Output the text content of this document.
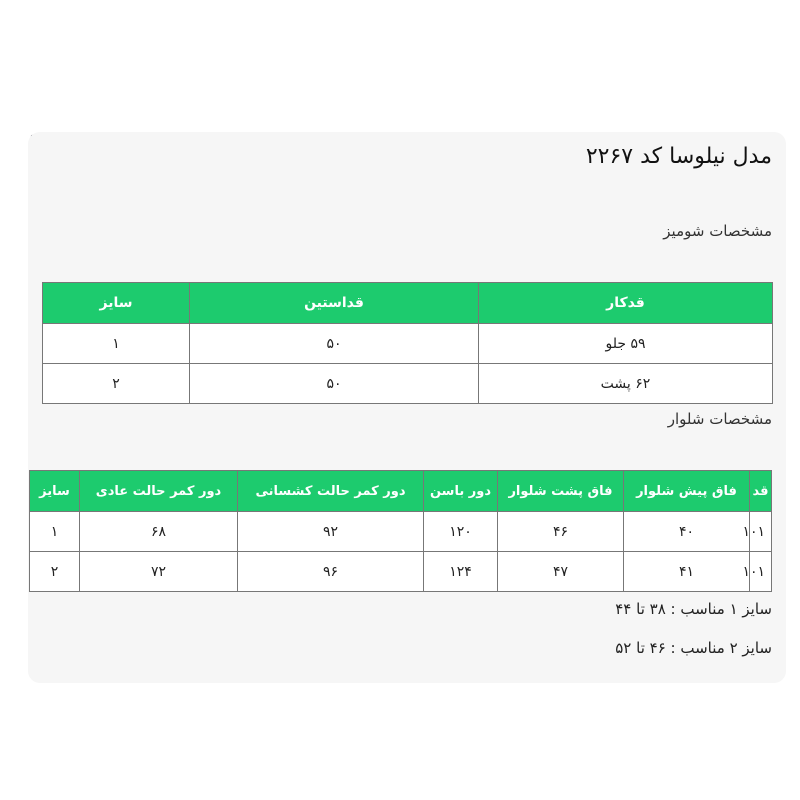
مدل نیلوسا کد ۲۲۶۷

مشخصات شومیز

قدکار	قداستین	سایز
۵۹ جلو	۵۰	۱
۶۲ پشت	۵۰	۲

مشخصات شلوار

قد	فاق پیش شلوار	فاق پشت شلوار	دور باسن	دور کمر حالت کشسانی	دور کمر حالت عادی	سایز
۱۰۱	۴۰	۴۶	۱۲۰	۹۲	۶۸	۱
۱۰۱	۴۱	۴۷	۱۲۴	۹۶	۷۲	۲

سایز ۱ مناسب : ۳۸ تا ۴۴

سایز ۲ مناسب : ۴۶ تا ۵۲
